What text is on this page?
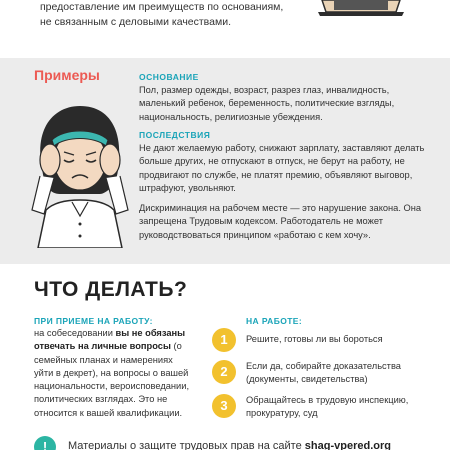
предоставление им преимуществ по основаниям,
не связанным с деловыми качествами.
Примеры	ОСНОВАНИЕ
Пол, размер одежды, возраст, разрез глаз, инвалидность, маленький ребенок, беременность, политические взгляды, национальность, религиозные убеждения.
ПОСЛЕДСТВИЯ
Не дают желаемую работу, снижают зарплату, заставляют делать больше других, не отпускают в отпуск, не берут на работу, не продвигают по службе, не платят премию, объявляют выговор, штрафуют, увольняют.
Дискриминация на рабочем месте — это нарушение закона. Она запрещена Трудовым кодексом. Работодатель не может руководствоваться принципом «работаю с кем хочу».
ЧТО ДЕЛАТЬ?
ПРИ ПРИЕМЕ НА РАБОТУ:
на собеседовании вы не обязаны отвечать на личные вопросы (о семейных планах и намерениях уйти в декрет), на вопросы о вашей национальности, вероисповедании, политических взглядах. Это не относится к вашей квалификации.
НА РАБОТЕ:
1	Решите, готовы ли вы бороться
2	Если да, собирайте доказательства (документы, свидетельства)
3	Обращайтесь в трудовую инспекцию, прокуратуру, суд
!	Материалы о защите трудовых прав на сайте shag-vpered.org
